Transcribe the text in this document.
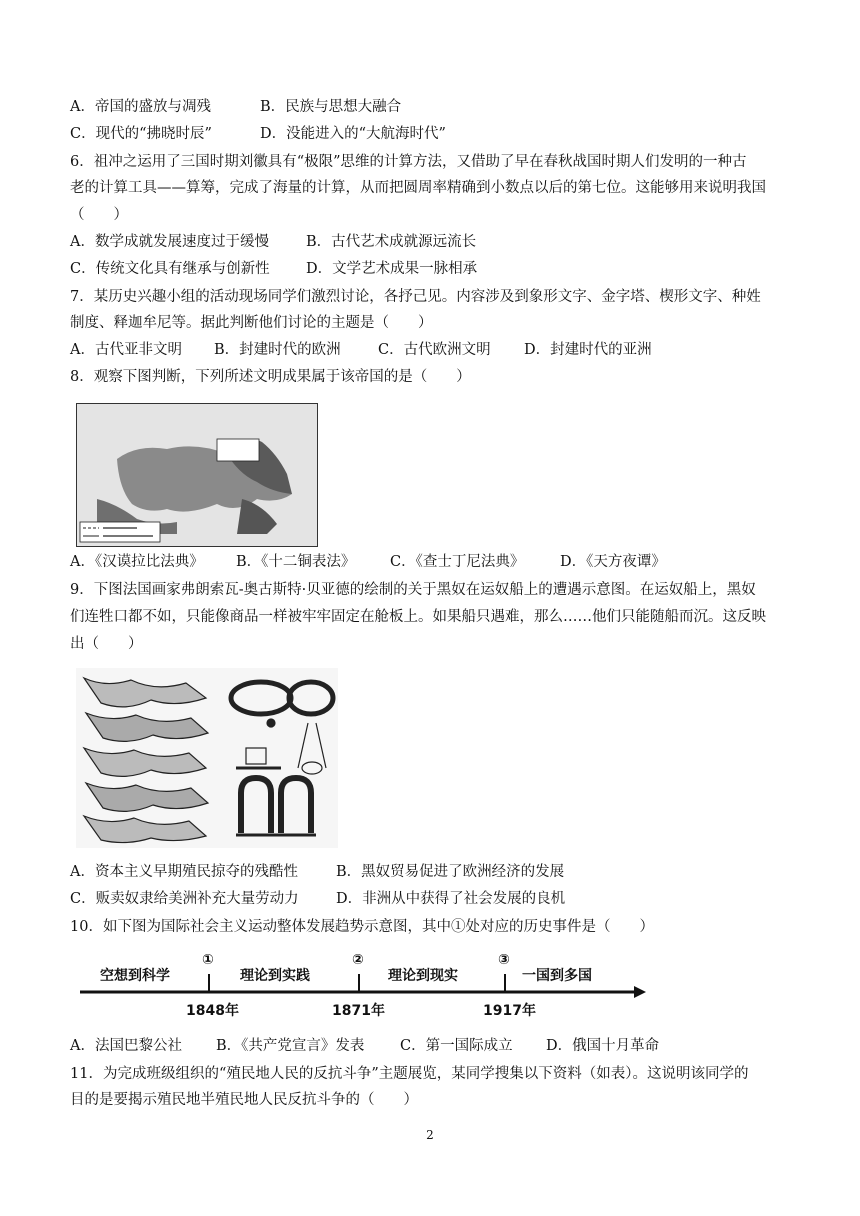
A．帝国的盛放与凋残	B．民族与思想大融合
C．现代的“拂晓时辰”	D．没能进入的“大航海时代”
6．祖冲之运用了三国时期刘徽具有“极限”思维的计算方法，又借助了早在春秋战国时期人们发明的一种古
老的计算工具——算筹，完成了海量的计算，从而把圆周率精确到小数点以后的第七位。这能够用来说明我国
（　　）
A．数学成就发展速度过于缓慢	B．古代艺术成就源远流长
C．传统文化具有继承与创新性	D．文学艺术成果一脉相承
7．某历史兴趣小组的活动现场同学们激烈讨论，各抒己见。内容涉及到象形文字、金字塔、楔形文字、种姓
制度、释迦牟尼等。据此判断他们讨论的主题是（　　）
A．古代亚非文明 B．封建时代的欧洲	C．古代欧洲文明 D．封建时代的亚洲
8．观察下图判断，下列所述文明成果属于该帝国的是（　　）
A．《汉谟拉比法典》 B．《十二铜表法》 C．《查士丁尼法典》 D．《天方夜谭》
9．下图法国画家弗朗索瓦-奥古斯特·贝亚德的绘制的关于黑奴在运奴船上的遭遇示意图。在运奴船上，黑奴
们连牲口都不如，只能像商品一样被牢牢固定在舱板上。如果船只遇难，那么……他们只能随船而沉。这反映
出（　　）
A．资本主义早期殖民掠夺的残酷性	B．黑奴贸易促进了欧洲经济的发展
C．贩卖奴隶给美洲补充大量劳动力	D．非洲从中获得了社会发展的良机
10．如下图为国际社会主义运动整体发展趋势示意图，其中①处对应的历史事件是（　　）
空想到科学
①
理论到实践
②
理论到现实
③
一国到多国
1848年	1871年	1917年
A．法国巴黎公社 B．《共产党宣言》发表 C．第一国际成立 D．俄国十月革命
11．为完成班级组织的“殖民地人民的反抗斗争”主题展览，某同学搜集以下资料（如表）。这说明该同学的
目的是要揭示殖民地半殖民地人民反抗斗争的（　　）
2
